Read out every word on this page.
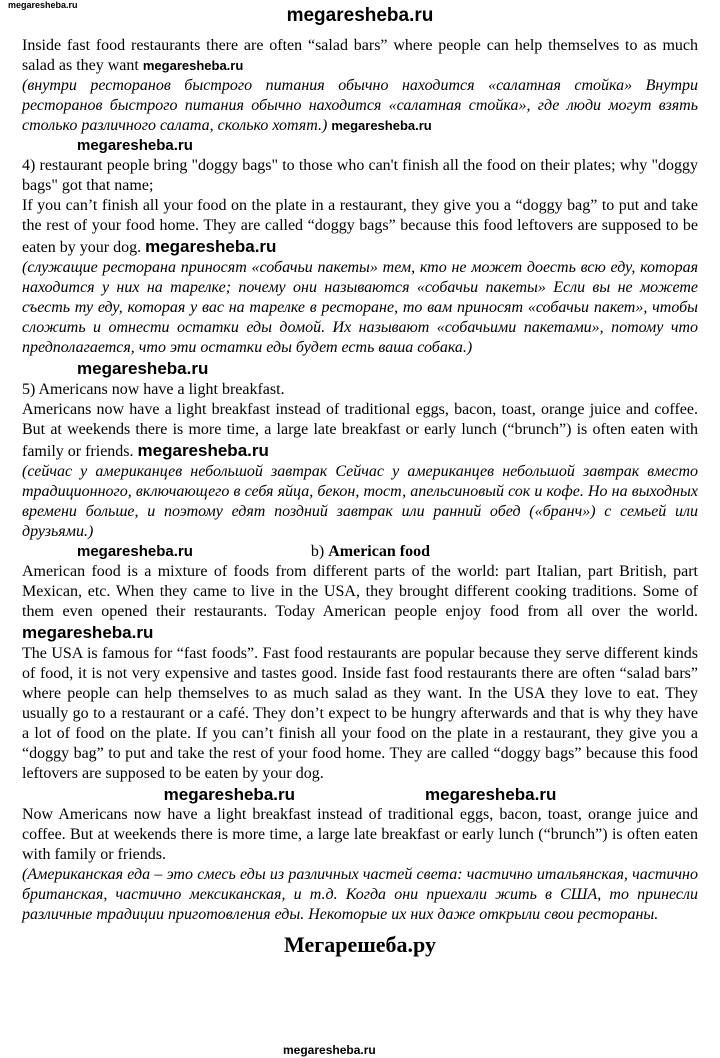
megaresheba.ru	megaresheba.ru

Inside fast food restaurants there are often “salad bars” where people can help themselves to as much salad as they want megaresheba.ru

(внутри ресторанов быстрого питания обычно находится «салатная стойка» Внутри ресторанов быстрого питания обычно находится «салатная стойка», где люди могут взять столько различного салата, сколько хотят.) megaresheba.ru

megaresheba.ru

4) restaurant people bring "doggy bags" to those who can't finish all the food on their plates; why "doggy bags" got that name;

If you can’t finish all your food on the plate in a restaurant, they give you a “doggy bag” to put and take the rest of your food home. They are called “doggy bags” because this food leftovers are supposed to be eaten by your dog. megaresheba.ru

(служащие ресторана приносят «собачьи пакеты» тем, кто не может доесть всю еду, которая находится у них на тарелке; почему они называются «собачьи пакеты» Если вы не можете съесть ту еду, которая у вас на тарелке в ресторане, то вам приносят «собачьи пакет», чтобы сложить и отнести остатки еды домой. Их называют «собачьими пакетами», потому что предполагается, что эти остатки еды будет есть ваша собака.)

megaresheba.ru

5) Americans now have a light breakfast.

Americans now have a light breakfast instead of traditional eggs, bacon, toast, orange juice and coffee. But at weekends there is more time, a large late breakfast or early lunch (“brunch”) is often eaten with family or friends. megaresheba.ru

(сейчас у американцев небольшой завтрак Сейчас у американцев небольшой завтрак вместо традиционного, включающего в себя яйца, бекон, тост, апельсиновый сок и кофе. Но на выходных времени больше, и поэтому едят поздний завтрак или ранний обед («бранч») с семьей или друзьями.)

megaresheba.ru	b) American food

American food is a mixture of foods from different parts of the world: part Italian, part British, part Mexican, etc. When they came to live in the USA, they brought different cooking traditions. Some of them even opened their restaurants. Today American people enjoy food from all over the world. megaresheba.ru

The USA is famous for “fast foods”. Fast food restaurants are popular because they serve different kinds of food, it is not very expensive and tastes good. Inside fast food restaurants there are often “salad bars” where people can help themselves to as much salad as they want. In the USA they love to eat. They usually go to a restaurant or a café. They don’t expect to be hungry afterwards and that is why they have a lot of food on the plate. If you can’t finish all your food on the plate in a restaurant, they give you a “doggy bag” to put and take the rest of your food home. They are called “doggy bags” because this food leftovers are supposed to be eaten by your dog.

megaresheba.ru	megaresheba.ru

Now Americans now have a light breakfast instead of traditional eggs, bacon, toast, orange juice and coffee. But at weekends there is more time, a large late breakfast or early lunch (“brunch”) is often eaten with family or friends.

(Американская еда – это смесь еды из различных частей света: частично итальянская, частично британская, частично мексиканская, и т.д. Когда они приехали жить в США, то принесли различные традиции приготовления еды. Некоторые их них даже открыли свои рестораны.

Мегарешеба.ру
megaresheba.ru
